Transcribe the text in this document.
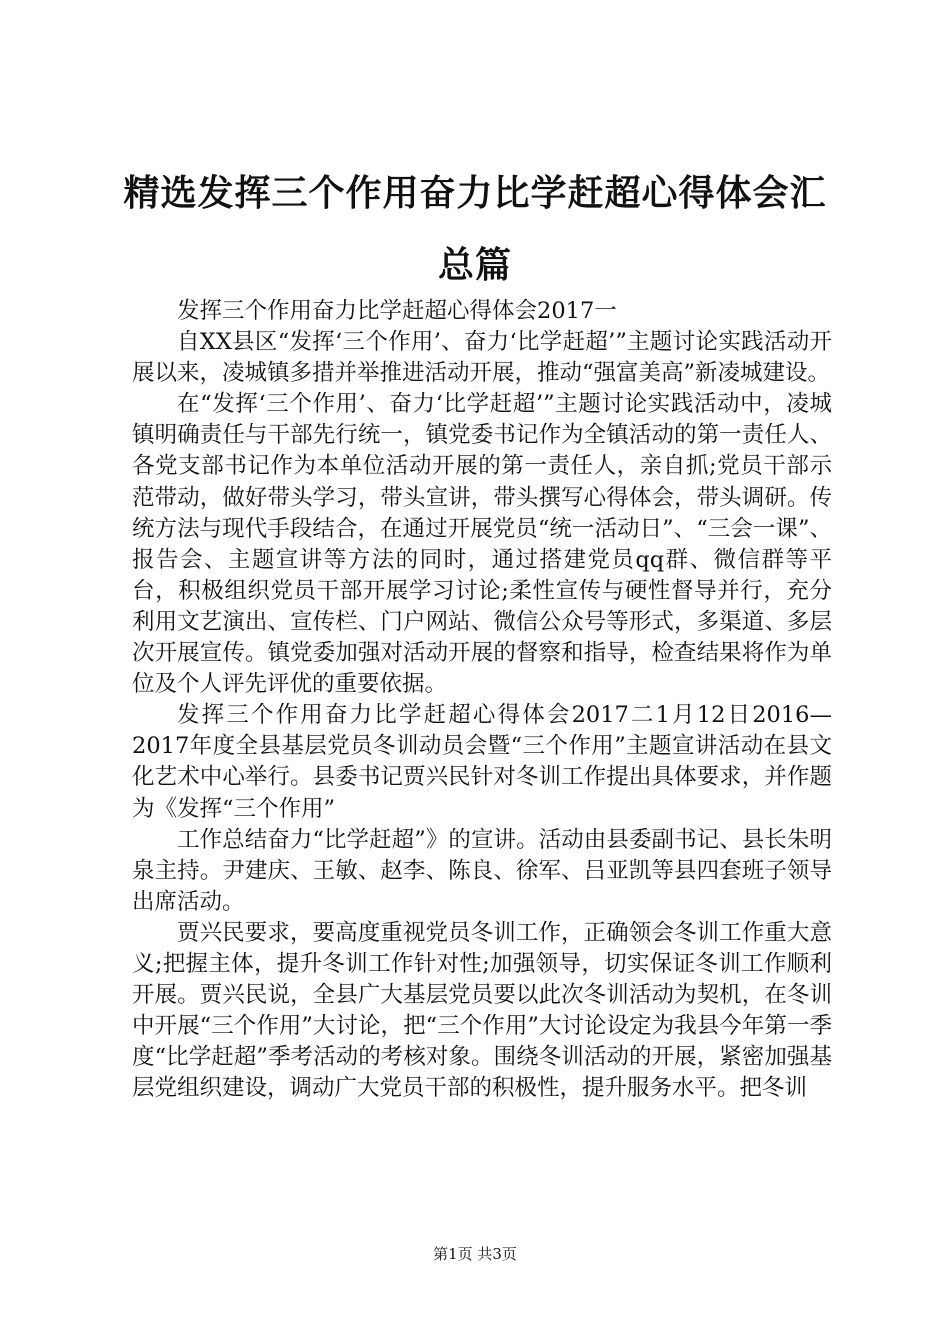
精选发挥三个作用奋力比学赶超心得体会汇总篇

发挥三个作用奋力比学赶超心得体会2017一

自XX县区“发挥‘三个作用’、奋力‘比学赶超’”主题讨论实践活动开展以来，凌城镇多措并举推进活动开展，推动“强富美高”新凌城建设。

在“发挥‘三个作用’、奋力‘比学赶超’”主题讨论实践活动中，凌城镇明确责任与干部先行统一，镇党委书记作为全镇活动的第一责任人、各党支部书记作为本单位活动开展的第一责任人，亲自抓;党员干部示范带动，做好带头学习，带头宣讲，带头撰写心得体会，带头调研。传统方法与现代手段结合，在通过开展党员“统一活动日”、“三会一课”、报告会、主题宣讲等方法的同时，通过搭建党员qq群、微信群等平台，积极组织党员干部开展学习讨论;柔性宣传与硬性督导并行，充分利用文艺演出、宣传栏、门户网站、微信公众号等形式，多渠道、多层次开展宣传。镇党委加强对活动开展的督察和指导，检查结果将作为单位及个人评先评优的重要依据。

发挥三个作用奋力比学赶超心得体会2017二1月12日2016—2017年度全县基层党员冬训动员会暨“三个作用”主题宣讲活动在县文化艺术中心举行。县委书记贾兴民针对冬训工作提出具体要求，并作题为《发挥“三个作用”

工作总结奋力“比学赶超”》的宣讲。活动由县委副书记、县长朱明泉主持。尹建庆、王敏、赵李、陈良、徐军、吕亚凯等县四套班子领导出席活动。

贾兴民要求，要高度重视党员冬训工作，正确领会冬训工作重大意义;把握主体，提升冬训工作针对性;加强领导，切实保证冬训工作顺利开展。贾兴民说，全县广大基层党员要以此次冬训活动为契机，在冬训中开展“三个作用”大讨论，把“三个作用”大讨论设定为我县今年第一季度“比学赶超”季考活动的考核对象。围绕冬训活动的开展，紧密加强基层党组织建设，调动广大党员干部的积极性，提升服务水平。把冬训

第1页 共3页
